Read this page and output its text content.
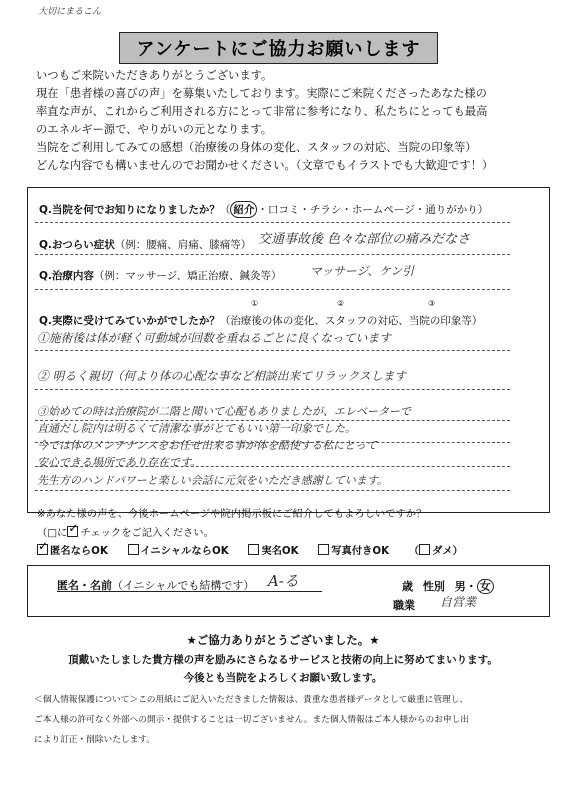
大切にまるこん
アンケートにご協力お願いします
いつもご来院いただきありがとうございます。
現在「患者様の喜びの声」を募集いたしております。実際にご来院くださったあなた様の
率直な声が、これからご利用される方にとって非常に参考になり、私たちにとっても最高
のエネルギー源で、やりがいの元となります。
当院をご利用してみての感想（治療後の身体の変化、スタッフの対応、当院の印象等）
どんな内容でも構いませんのでお聞かせください。（文章でもイラストでも大歓迎です！）
Q.当院を何でお知りになりましたか？（ 紹介 ・口コミ・チラシ・ホームページ・通りがかり）
Q.おつらい症状（例：腰痛、肩痛、膝痛等） 交通事故後 色々な部位の痛みだなさ
Q.治療内容（例：マッサージ、矯正治療、鍼灸等） マッサージ、ケン引
①	②	③
Q.実際に受けてみていかがでしたか？（治療後の体の変化、スタッフの対応、当院の印象等）
①施術後は体が軽く可動域が回数を重ねるごとに良くなっています
② 明るく親切（何より体の心配な事など相談出来てリラックスします
③始めての時は治療院が二階と聞いて心配もありましたが、エレベーターで
直通だし院内は明るくて清潔な事がとてもいい第一印象でした。
今では体のメンテナンスをお任せ出来る事が体を酷使する私にとって
安心できる場所であり存在です。
先生方のハンドパワーと楽しい会話に元気をいただき感謝しています。
※あなた様の声を、今後ホームページや院内掲示板にご紹介してもよろしいですか？
（□に✓ チェックをご記入ください。
✓匿名ならOK	イニシャルならOK	実名OK	写真付きOK （ ダメ）
匿名・名前（イニシャルでも結構です） A-る	歳 性別 男・ 女
職業 自営業
★ご協力ありがとうございました。★
頂戴いたしました貴方様の声を励みにさらなるサービスと技術の向上に努めてまいります。
今後とも当院をよろしくお願い致します。
＜個人情報保護について＞この用紙にご記入いただきました情報は、貴重な患者様データとして厳重に管理し、
ご本人様の許可なく外部への開示・提供することは一切ございません。また個人情報はご本人様からのお申し出
により訂正・削除いたします。
